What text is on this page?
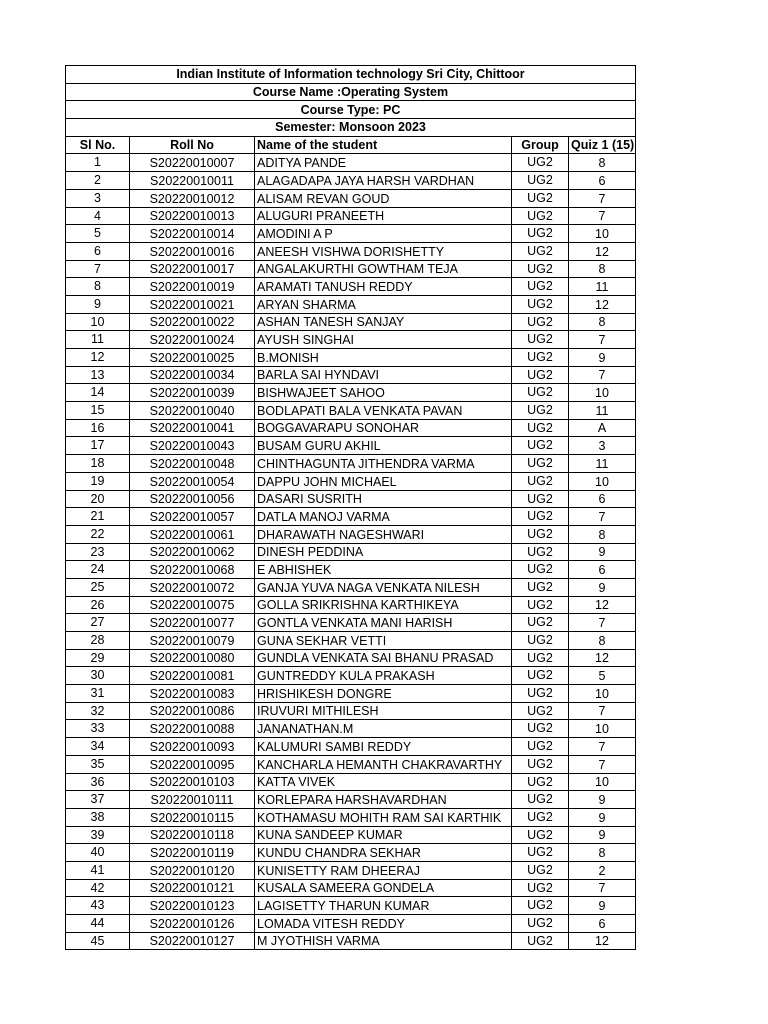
Indian Institute of Information technology Sri City, Chittoor				
Course Name :Operating System				
Course Type: PC				
Semester: Monsoon 2023				
Sl No.	Roll No	Name of the student	Group	Quiz 1 (15)
1	S20220010007	ADITYA PANDE	UG2	8
2	S20220010011	ALAGADAPA JAYA HARSH VARDHAN	UG2	6
3	S20220010012	ALISAM REVAN GOUD	UG2	7
4	S20220010013	ALUGURI PRANEETH	UG2	7
5	S20220010014	AMODINI A P	UG2	10
6	S20220010016	ANEESH VISHWA DORISHETTY	UG2	12
7	S20220010017	ANGALAKURTHI GOWTHAM TEJA	UG2	8
8	S20220010019	ARAMATI TANUSH REDDY	UG2	11
9	S20220010021	ARYAN SHARMA	UG2	12
10	S20220010022	ASHAN TANESH SANJAY	UG2	8
11	S20220010024	AYUSH SINGHAI	UG2	7
12	S20220010025	B.MONISH	UG2	9
13	S20220010034	BARLA SAI HYNDAVI	UG2	7
14	S20220010039	BISHWAJEET SAHOO	UG2	10
15	S20220010040	BODLAPATI BALA VENKATA PAVAN	UG2	11
16	S20220010041	BOGGAVARAPU SONOHAR	UG2	A
17	S20220010043	BUSAM GURU AKHIL	UG2	3
18	S20220010048	CHINTHAGUNTA JITHENDRA VARMA	UG2	11
19	S20220010054	DAPPU JOHN MICHAEL	UG2	10
20	S20220010056	DASARI SUSRITH	UG2	6
21	S20220010057	DATLA MANOJ VARMA	UG2	7
22	S20220010061	DHARAWATH NAGESHWARI	UG2	8
23	S20220010062	DINESH PEDDINA	UG2	9
24	S20220010068	E ABHISHEK	UG2	6
25	S20220010072	GANJA YUVA NAGA VENKATA NILESH	UG2	9
26	S20220010075	GOLLA SRIKRISHNA KARTHIKEYA	UG2	12
27	S20220010077	GONTLA VENKATA MANI HARISH	UG2	7
28	S20220010079	GUNA SEKHAR VETTI	UG2	8
29	S20220010080	GUNDLA VENKATA SAI BHANU PRASAD	UG2	12
30	S20220010081	GUNTREDDY KULA PRAKASH	UG2	5
31	S20220010083	HRISHIKESH DONGRE	UG2	10
32	S20220010086	IRUVURI MITHILESH	UG2	7
33	S20220010088	JANANATHAN.M	UG2	10
34	S20220010093	KALUMURI SAMBI REDDY	UG2	7
35	S20220010095	KANCHARLA HEMANTH CHAKRAVARTHY	UG2	7
36	S20220010103	KATTA VIVEK	UG2	10
37	S20220010111	KORLEPARA HARSHAVARDHAN	UG2	9
38	S20220010115	KOTHAMASU MOHITH RAM SAI KARTHIK	UG2	9
39	S20220010118	KUNA SANDEEP KUMAR	UG2	9
40	S20220010119	KUNDU CHANDRA SEKHAR	UG2	8
41	S20220010120	KUNISETTY RAM DHEERAJ	UG2	2
42	S20220010121	KUSALA SAMEERA GONDELA	UG2	7
43	S20220010123	LAGISETTY THARUN KUMAR	UG2	9
44	S20220010126	LOMADA VITESH REDDY	UG2	6
45	S20220010127	M JYOTHISH VARMA	UG2	12
